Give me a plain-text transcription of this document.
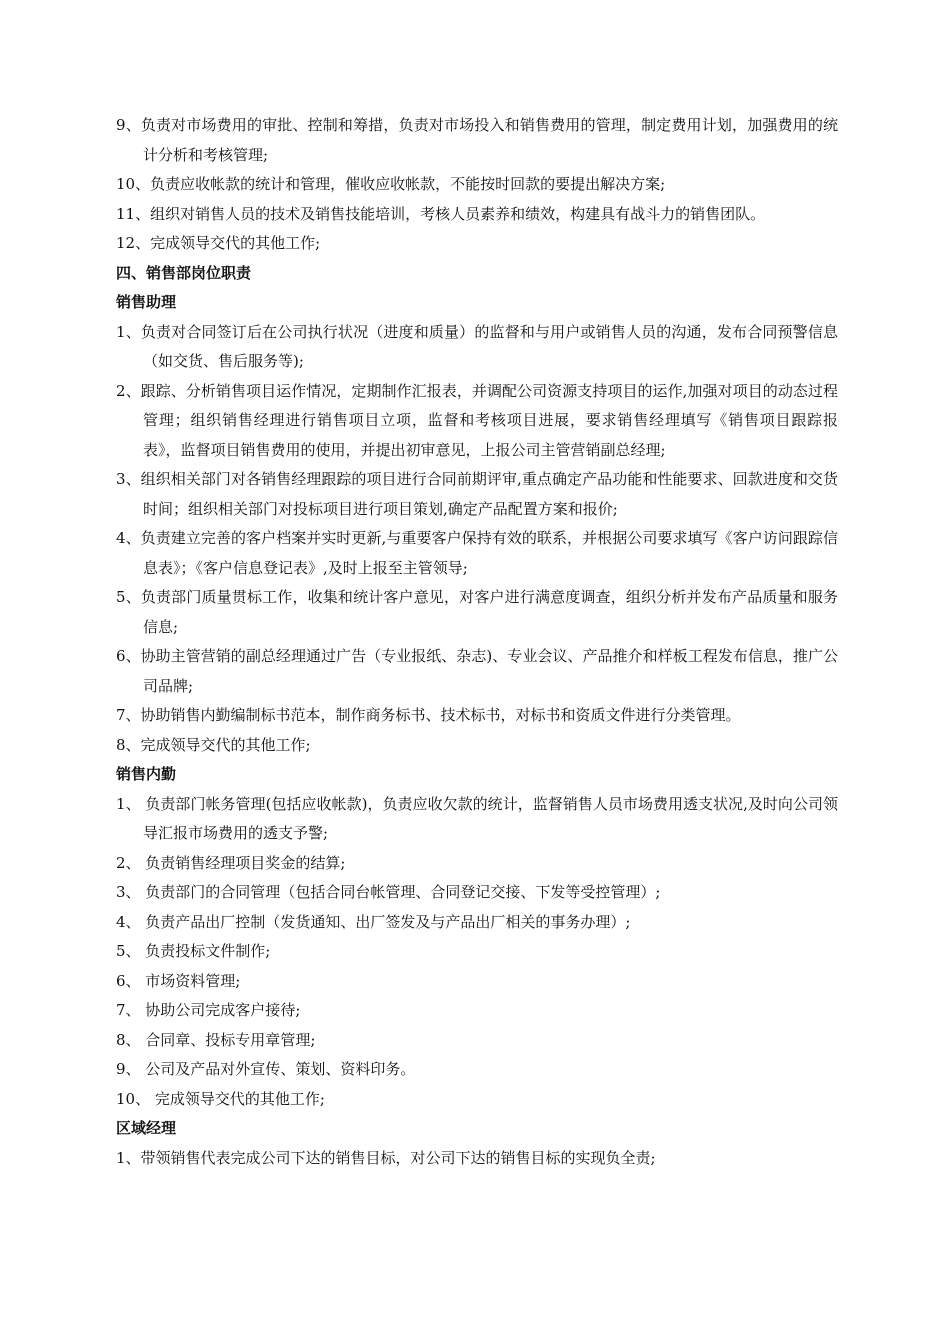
9、负责对市场费用的审批、控制和筹措，负责对市场投入和销售费用的管理，制定费用计划，加强费用的统计分析和考核管理;

10、负责应收帐款的统计和管理，催收应收帐款，不能按时回款的要提出解决方案;

11、组织对销售人员的技术及销售技能培训，考核人员素养和绩效，构建具有战斗力的销售团队。

12、完成领导交代的其他工作;

四、销售部岗位职责

销售助理

1、负责对合同签订后在公司执行状况（进度和质量）的监督和与用户或销售人员的沟通，发布合同预警信息（如交货、售后服务等);

2、跟踪、分析销售项目运作情况，定期制作汇报表，并调配公司资源支持项目的运作,加强对项目的动态过程管理；组织销售经理进行销售项目立项，监督和考核项目进展，要求销售经理填写《销售项目跟踪报表》，监督项目销售费用的使用，并提出初审意见，上报公司主管营销副总经理;

3、组织相关部门对各销售经理跟踪的项目进行合同前期评审,重点确定产品功能和性能要求、回款进度和交货时间；组织相关部门对投标项目进行项目策划,确定产品配置方案和报价;

4、负责建立完善的客户档案并实时更新,与重要客户保持有效的联系，并根据公司要求填写《客户访问跟踪信息表》；《客户信息登记表》,及时上报至主管领导;

5、负责部门质量贯标工作，收集和统计客户意见，对客户进行满意度调查，组织分析并发布产品质量和服务信息;

6、协助主管营销的副总经理通过广告（专业报纸、杂志)、专业会议、产品推介和样板工程发布信息，推广公司品牌;

7、协助销售内勤编制标书范本，制作商务标书、技术标书，对标书和资质文件进行分类管理。

8、完成领导交代的其他工作;

销售内勤

1、 负责部门帐务管理(包括应收帐款)，负责应收欠款的统计，监督销售人员市场费用透支状况,及时向公司领导汇报市场费用的透支予警;

2、 负责销售经理项目奖金的结算;

3、 负责部门的合同管理（包括合同台帐管理、合同登记交接、下发等受控管理）;

4、 负责产品出厂控制（发货通知、出厂签发及与产品出厂相关的事务办理）;

5、 负责投标文件制作;

6、 市场资料管理;

7、 协助公司完成客户接待;

8、 合同章、投标专用章管理;

9、 公司及产品对外宣传、策划、资料印务。

10、 完成领导交代的其他工作;

区域经理

1、带领销售代表完成公司下达的销售目标，对公司下达的销售目标的实现负全责;
